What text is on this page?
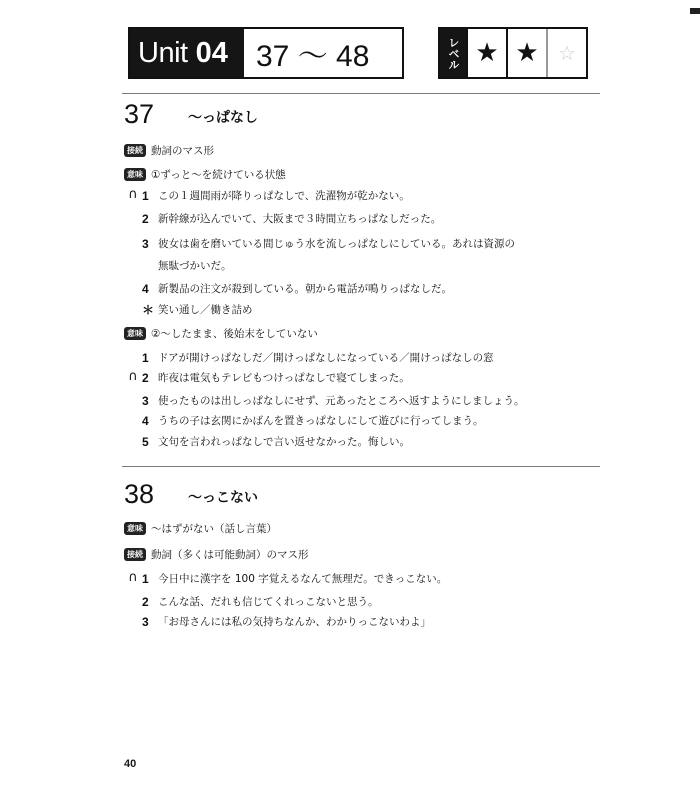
Unit 04 37 〜 48	レベル ★ ★ ☆
37 〜っぱなし
接続 動詞のマス形
意味 ①ずっと〜を続けている状態
∩ 1 この１週間雨が降りっぱなしで、洗濯物が乾かない。
2 新幹線が込んでいて、大阪まで３時間立ちっぱなしだった。
3 彼女は歯を磨いている間じゅう水を流しっぱなしにしている。あれは資源の
無駄づかいだ。
4 新製品の注文が殺到している。朝から電話が鳴りっぱなしだ。
＊ 笑い通し／働き詰め
意味 ②〜したまま、後始末をしていない
1 ドアが開けっぱなしだ／開けっぱなしになっている／開けっぱなしの窓
∩ 2 昨夜は電気もテレビもつけっぱなしで寝てしまった。
3 使ったものは出しっぱなしにせず、元あったところへ返すようにしましょう。
4 うちの子は玄関にかばんを置きっぱなしにして遊びに行ってしまう。
5 文句を言われっぱなしで言い返せなかった。悔しい。
38 〜っこない
意味 〜はずがない（話し言葉）
接続 動詞（多くは可能動詞）のマス形
∩ 1 今日中に漢字を 100 字覚えるなんて無理だ。できっこない。
2 こんな話、だれも信じてくれっこないと思う。
3 「お母さんには私の気持ちなんか、わかりっこないわよ」
40
